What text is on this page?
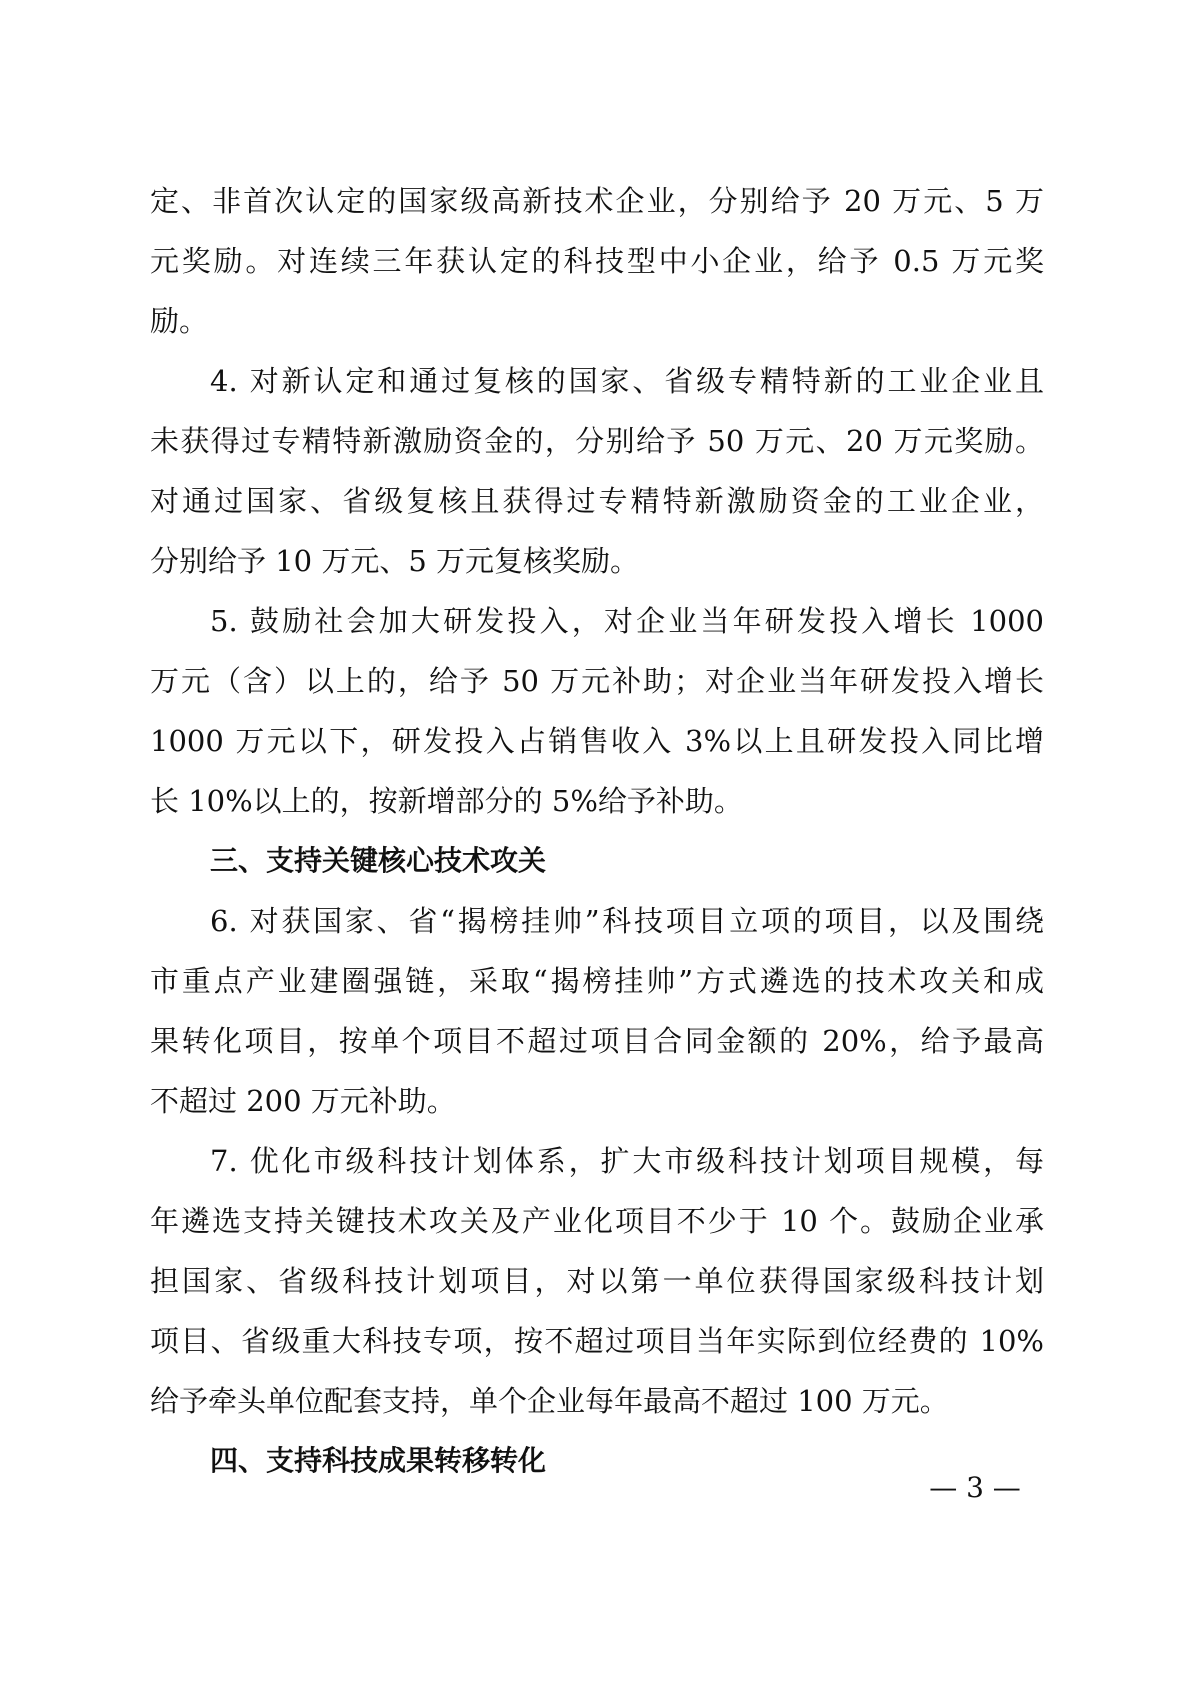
定、非首次认定的国家级高新技术企业，分别给予 20 万元、5 万
元奖励。对连续三年获认定的科技型中小企业，给予 0.5 万元奖
励。
4. 对新认定和通过复核的国家、省级专精特新的工业企业且
未获得过专精特新激励资金的，分别给予 50 万元、20 万元奖励。
对通过国家、省级复核且获得过专精特新激励资金的工业企业，
分别给予 10 万元、5 万元复核奖励。
5. 鼓励社会加大研发投入，对企业当年研发投入增长 1000
万元（含）以上的，给予 50 万元补助；对企业当年研发投入增长
1000 万元以下，研发投入占销售收入 3%以上且研发投入同比增
长 10%以上的，按新增部分的 5%给予补助。
三、支持关键核心技术攻关
6. 对获国家、省“揭榜挂帅”科技项目立项的项目，以及围绕
市重点产业建圈强链，采取“揭榜挂帅”方式遴选的技术攻关和成
果转化项目，按单个项目不超过项目合同金额的 20%，给予最高
不超过 200 万元补助。
7. 优化市级科技计划体系，扩大市级科技计划项目规模，每
年遴选支持关键技术攻关及产业化项目不少于 10 个。鼓励企业承
担国家、省级科技计划项目，对以第一单位获得国家级科技计划
项目、省级重大科技专项，按不超过项目当年实际到位经费的 10%
给予牵头单位配套支持，单个企业每年最高不超过 100 万元。
四、支持科技成果转移转化
— 3 —
